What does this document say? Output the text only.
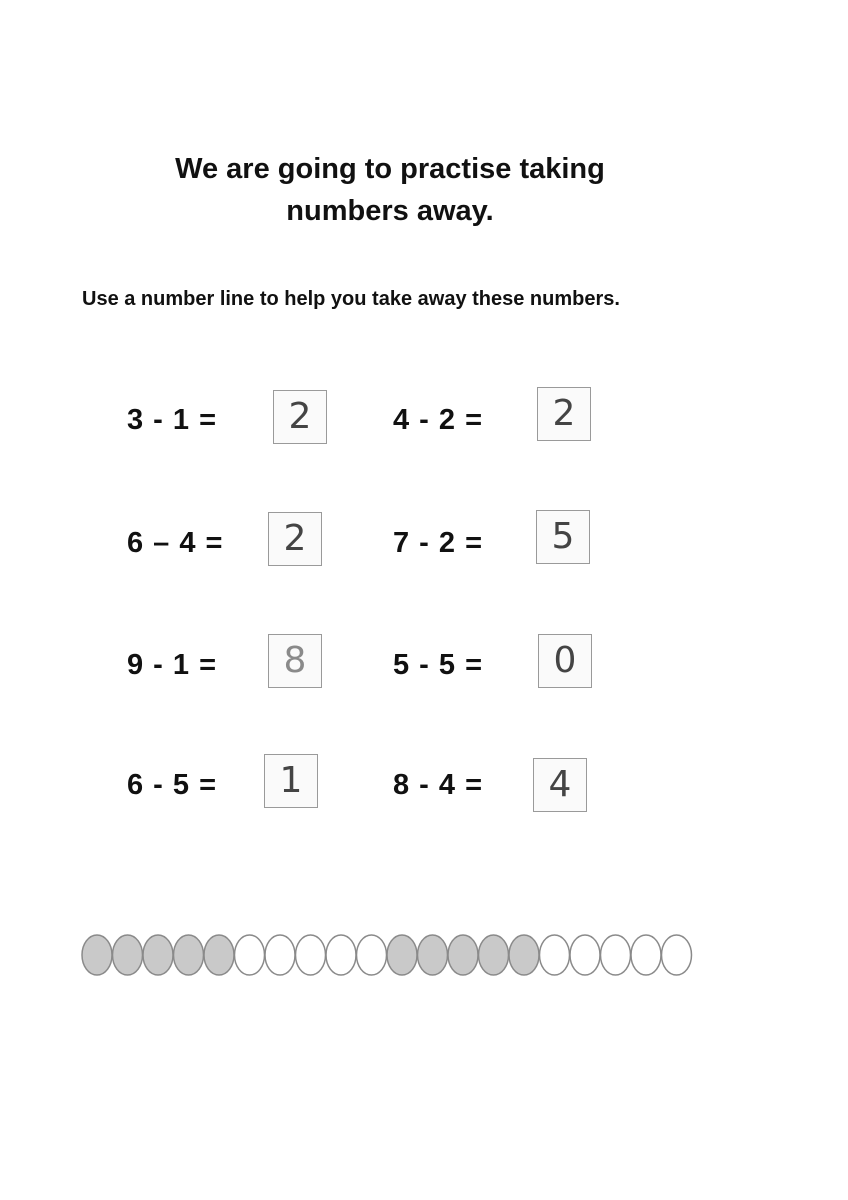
We are going to practise taking
numbers away.
Use a number line to help you take away these numbers.
3 - 1 =	2	4 - 2 =	2
6 – 4 =	2	7 - 2 =	5
9 - 1 =	8	5 - 5 =	0
6 - 5 =	1	8 - 4 =	4
